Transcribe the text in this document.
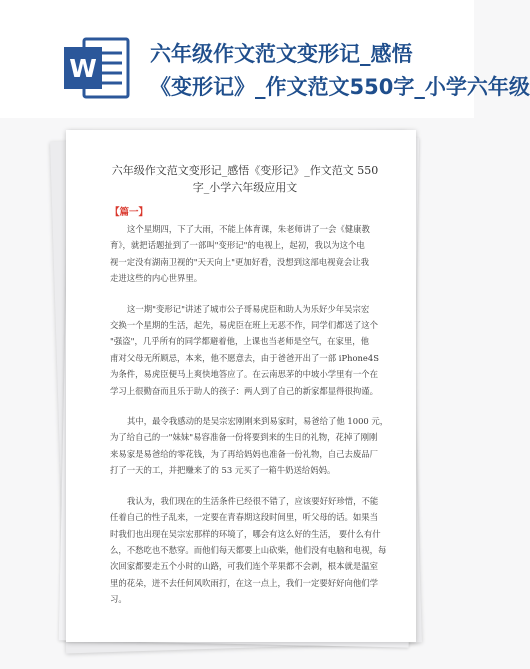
W	六年级作文范文变形记_感悟
《变形记》_作文范文550字_小学六年级
六年级作文范文变形记_感悟《变形记》_作文范文 550
字_小学六年级应用文
【篇一】
这个星期四，下了大雨，不能上体育课，朱老师讲了一会《健康教
育》，就把话题扯到了一部叫"变形记"的电视上，起初，我以为这个电
视一定没有湖南卫视的"天天向上"更加好看，没想到这部电视竟会让我
走进这些的内心世界里。
这一期"变形记"讲述了城市公子哥易虎臣和助人为乐好少年吴宗宏
交换一个星期的生活，起先，易虎臣在班上无恶不作，同学们都送了这个
"强盗"，几乎所有的同学都避着他，上课也当老师是空气，在家里，他
甫对父母无所顾忌，本来，他不愿意去，由于爸爸开出了一部 iPhone4S
为条件，易虎臣便马上爽快地答应了。在云南思茅的中坡小学里有一个在
学习上很勤奋而且乐于助人的孩子：两人到了自己的新家都显得很拘谨。
其中，最令我感动的是吴宗宏刚刚来到易家时，易爸给了他 1000 元，
为了给自己的一"妹妹"易容准备一份将要到来的生日的礼物，花掉了刚刚
来易家是易爸给的零花钱，为了再给妈妈也准备一份礼物，自己去废品厂
打了一天的工，并把赚来了的 53 元买了一箱牛奶送给妈妈。
我认为，我们现在的生活条件已经很不错了，应该要好好珍惜，不能
任着自己的性子乱来，一定要在青春期这段时间里，听父母的话。如果当
时我们也出现在吴宗宏那样的环境了，哪会有这么好的生活， 要什么有什
么，不愁吃也不愁穿。而他们每天都要上山砍柴，他们没有电脑和电视，每
次回家都要走五个小时的山路，可我们连个苹果都不会剥，根本就是温室
里的花朵，迸不去任何风吹雨打，在这一点上，我们一定要好好向他们学
习。
